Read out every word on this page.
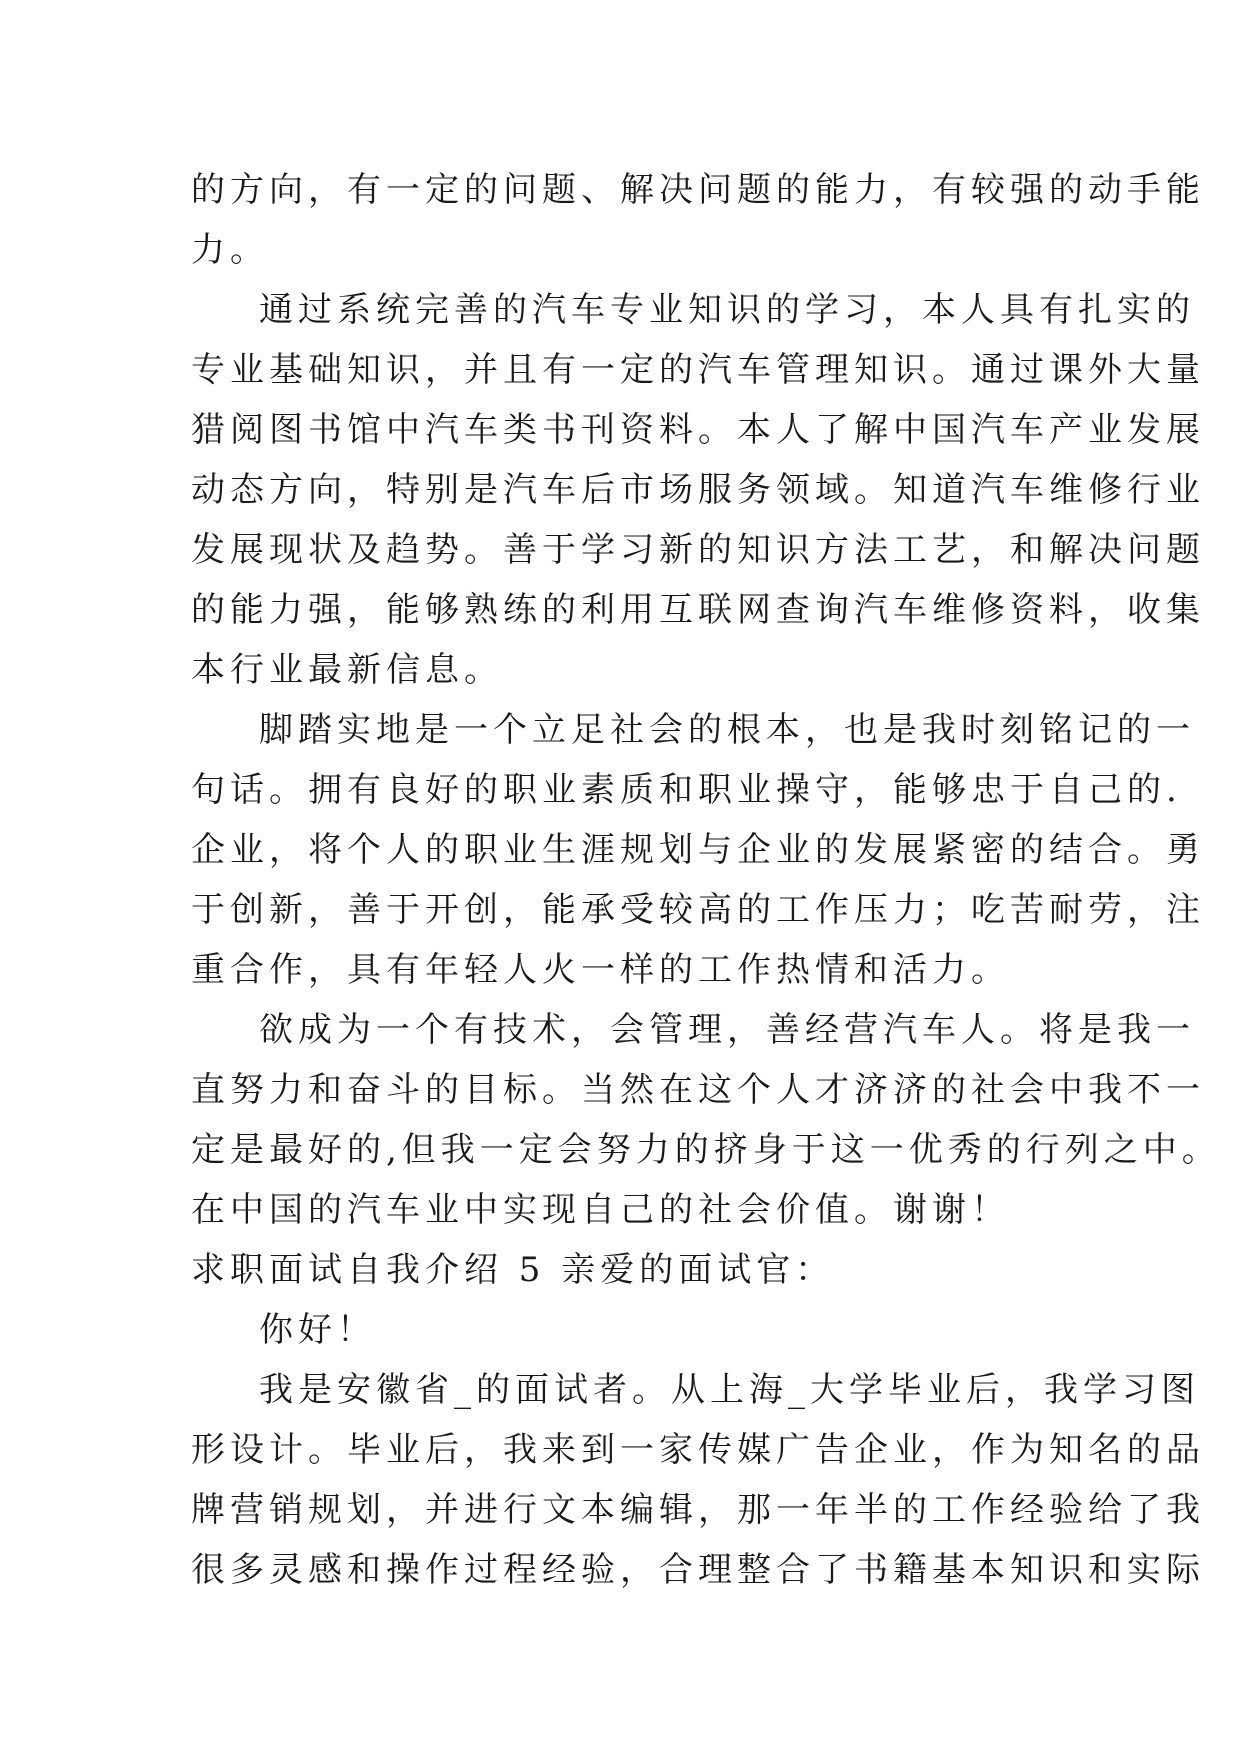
的方向，有一定的问题、解决问题的能力，有较强的动手能
力。
通过系统完善的汽车专业知识的学习，本人具有扎实的
专业基础知识，并且有一定的汽车管理知识。通过课外大量
猎阅图书馆中汽车类书刊资料。本人了解中国汽车产业发展
动态方向，特别是汽车后市场服务领域。知道汽车维修行业
发展现状及趋势。善于学习新的知识方法工艺，和解决问题
的能力强，能够熟练的利用互联网查询汽车维修资料，收集
本行业最新信息。
脚踏实地是一个立足社会的根本，也是我时刻铭记的一
句话。拥有良好的职业素质和职业操守，能够忠于自己的.
企业，将个人的职业生涯规划与企业的发展紧密的结合。勇
于创新，善于开创，能承受较高的工作压力；吃苦耐劳，注
重合作，具有年轻人火一样的工作热情和活力。
欲成为一个有技术，会管理，善经营汽车人。将是我一
直努力和奋斗的目标。当然在这个人才济济的社会中我不一
定是最好的,但我一定会努力的挤身于这一优秀的行列之中。
在中国的汽车业中实现自己的社会价值。谢谢！
求职面试自我介绍 5 亲爱的面试官：
你好！
我是安徽省_的面试者。从上海_大学毕业后，我学习图
形设计。毕业后，我来到一家传媒广告企业，作为知名的品
牌营销规划，并进行文本编辑，那一年半的工作经验给了我
很多灵感和操作过程经验，合理整合了书籍基本知识和实际
